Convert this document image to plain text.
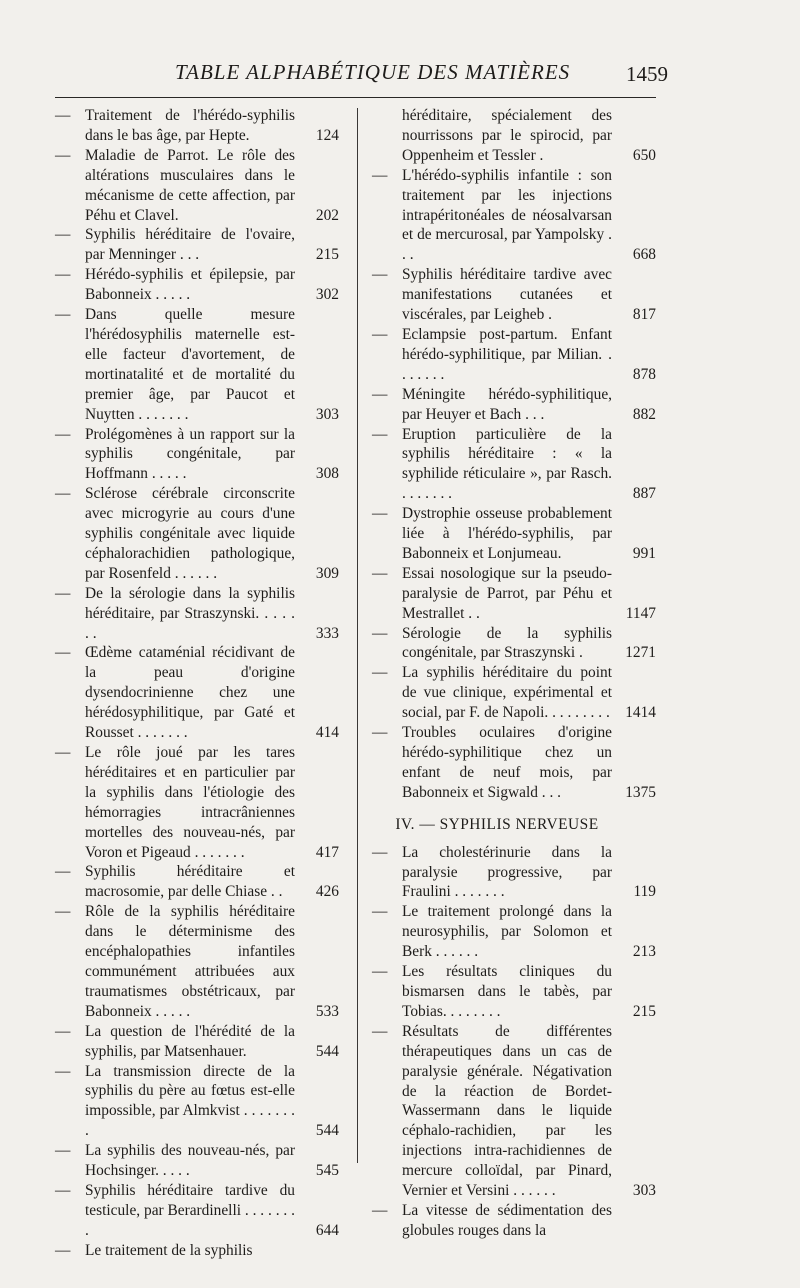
TABLE ALPHABÉTIQUE DES MATIÈRES	1459

— Traitement de l'hérédo-syphilis dans le bas âge, par Hepte.	124

— Maladie de Parrot. Le rôle des altérations musculaires dans le mécanisme de cette affection, par Péhu et Clavel.	202

— Syphilis héréditaire de l'ovaire, par Menninger . . .	215

— Hérédo-syphilis et épilepsie, par Babonneix . . . . .	302

— Dans quelle mesure l'hérédosyphilis maternelle est-elle facteur d'avortement, de mortinatalité et de mortalité du premier âge, par Paucot et Nuytten . . . . . . .	303

— Prolégomènes à un rapport sur la syphilis congénitale, par Hoffmann . . . . .	308

— Sclérose cérébrale circonscrite avec microgyrie au cours d'une syphilis congénitale avec liquide céphalorachidien pathologique, par Rosenfeld . . . . . .	309

— De la sérologie dans la syphilis héréditaire, par Straszynski. . . . . . .	333

— Œdème cataménial récidivant de la peau d'origine dysendocrinienne chez une hérédosyphilitique, par Gaté et Rousset . . . . . . .	414

— Le rôle joué par les tares héréditaires et en particulier par la syphilis dans l'étiologie des hémorragies intracrâniennes mortelles des nouveau-nés, par Voron et Pigeaud . . . . . . .	417

— Syphilis héréditaire et macrosomie, par delle Chiase . . 426

— Rôle de la syphilis héréditaire dans le déterminisme des encéphalopathies infantiles communément attribuées aux traumatismes obstétricaux, par Babonneix . . . . .	533

— La question de l'hérédité de la syphilis, par Matsenhauer.	544

— La transmission directe de la syphilis du père au fœtus est-elle impossible, par Almkvist . . . . . . . .	544

— La syphilis des nouveau-nés, par Hochsinger. . . . .	545

— Syphilis héréditaire tardive du testicule, par Berardinelli . . . . . . . .	644

— Le traitement de la syphilis

héréditaire, spécialement des nourrissons par le spirocid, par Oppenheim et Tessler .	650

— L'hérédo-syphilis infantile : son traitement par les injections intrapéritonéales de néosalvarsan et de mercurosal, par Yampolsky . . .	668

— Syphilis héréditaire tardive avec manifestations cutanées et viscérales, par Leigheb .	817

— Eclampsie post-partum. Enfant hérédo-syphilitique, par Milian. . . . . . . .	878

— Méningite hérédo-syphilitique, par Heuyer et Bach . . .	882

— Eruption particulière de la syphilis héréditaire : « la syphilide réticulaire », par Rasch. . . . . . . .	887

— Dystrophie osseuse probablement liée à l'hérédo-syphilis, par Babonneix et Lonjumeau.	991

— Essai nosologique sur la pseudo-paralysie de Parrot, par Péhu et Mestrallet . .	1147

— Sérologie de la syphilis congénitale, par Straszynski .	1271

— La syphilis héréditaire du point de vue clinique, expérimental et social, par F. de Napoli. . . . . . . . . 1414

— Troubles oculaires d'origine hérédo-syphilitique chez un enfant de neuf mois, par Babonneix et Sigwald . . .	1375

IV. — SYPHILIS NERVEUSE

— La cholestérinurie dans la paralysie progressive, par Fraulini . . . . . . .	119

— Le traitement prolongé dans la neurosyphilis, par Solomon et Berk . . . . . .	213

— Les résultats cliniques du bismarsen dans le tabès, par Tobias. . . . . . . .	215

— Résultats de différentes thérapeutiques dans un cas de paralysie générale. Négativation de la réaction de Bordet-Wassermann dans le liquide céphalo-rachidien, par les injections intra-rachidiennes de mercure colloïdal, par Pinard, Vernier et Versini . . . . . .	303

— La vitesse de sédimentation des globules rouges dans la
